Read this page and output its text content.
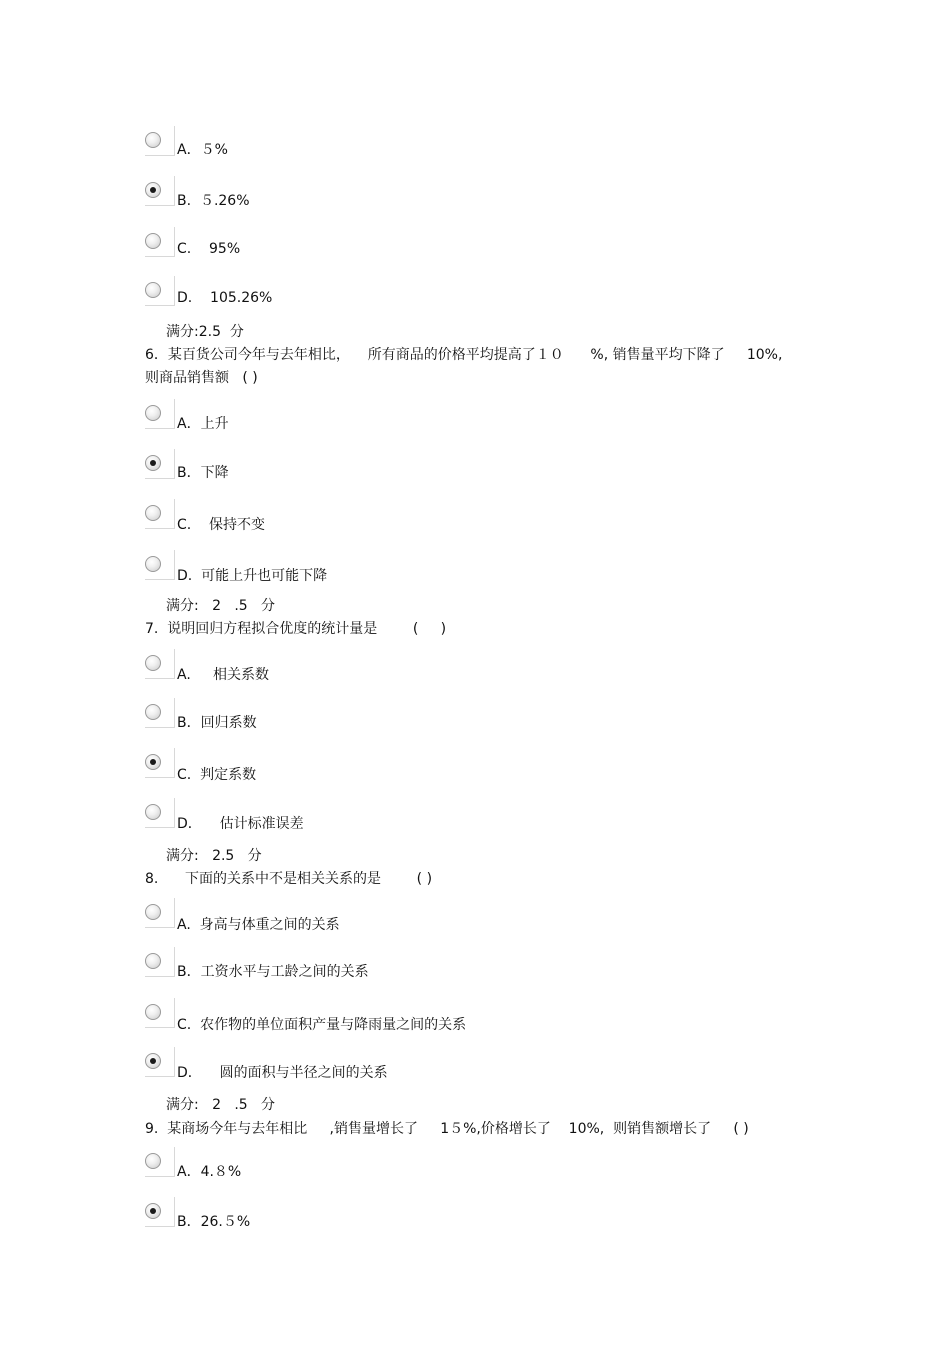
A．５%
B.  ５.26%
C.    95%
D.    105.26%
满分:2.5  分
6．某百货公司今年与去年相比，    所有商品的价格平均提高了１０      %, 销售量平均下降了     10%,
则商品销售额   ( )
A．上升
B．下降
C.    保持不变
D.  可能上升也可能下降
满分:   2   .5   分
7.  说明回归方程拟合优度的统计量是        (     )
A.     相关系数
B．回归系数
C.  判定系数
D．    估计标准误差
满分:   2.5   分
8.      下面的关系中不是相关关系的是        ( )
A.  身高与体重之间的关系
B．工资水平与工龄之间的关系
C.  农作物的单位面积产量与降雨量之间的关系
D．    圆的面积与半径之间的关系
满分:   2   .5   分
9.  某商场今年与去年相比     ,销售量增长了     1５%,价格增长了    10%,  则销售额增长了     ( )
A．4.８%
B．26.５%
